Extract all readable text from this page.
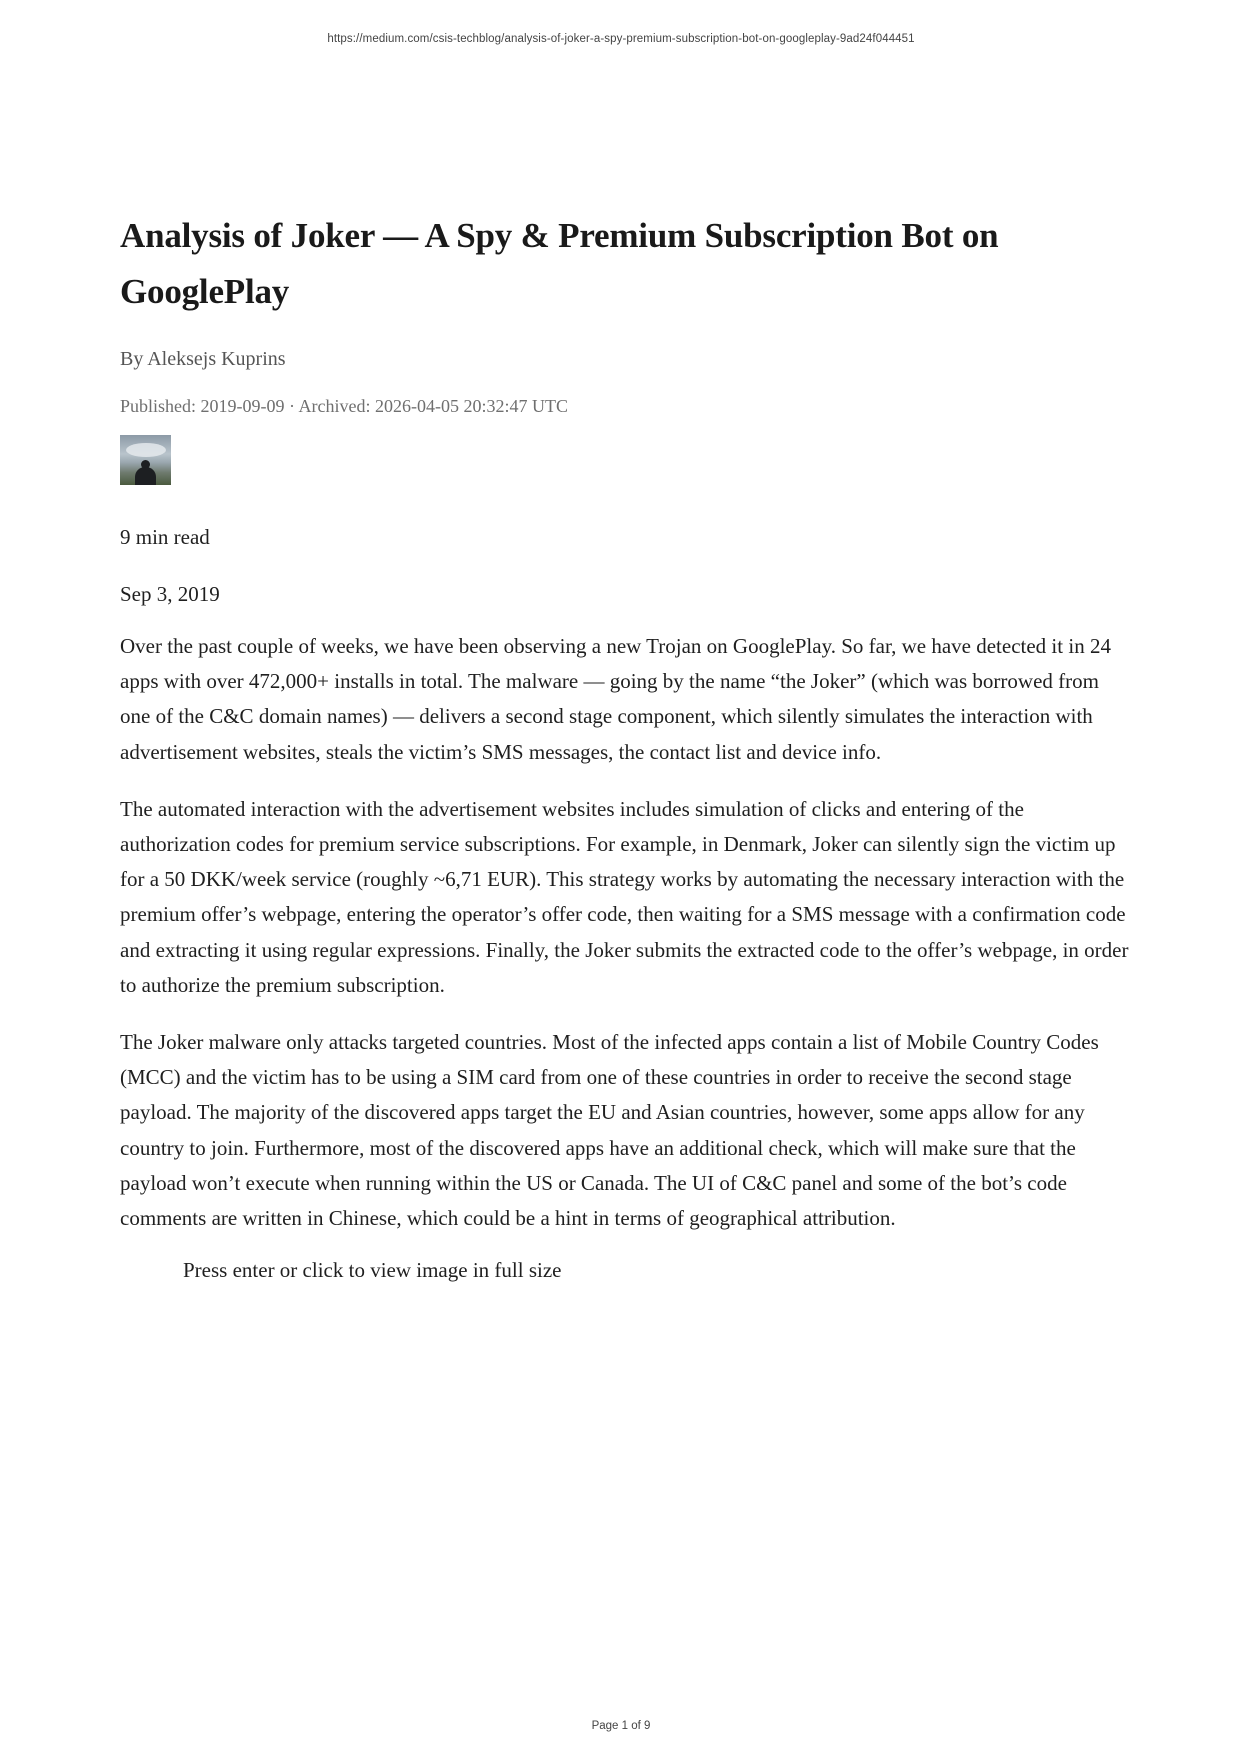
https://medium.com/csis-techblog/analysis-of-joker-a-spy-premium-subscription-bot-on-googleplay-9ad24f044451
Analysis of Joker — A Spy & Premium Subscription Bot on GooglePlay
By Aleksejs Kuprins
Published: 2019-09-09 · Archived: 2026-04-05 20:32:47 UTC
9 min read
Sep 3, 2019

Over the past couple of weeks, we have been observing a new Trojan on GooglePlay. So far, we have detected it in 24 apps with over 472,000+ installs in total. The malware — going by the name “the Joker” (which was borrowed from one of the C&C domain names) — delivers a second stage component, which silently simulates the interaction with advertisement websites, steals the victim’s SMS messages, the contact list and device info.

The automated interaction with the advertisement websites includes simulation of clicks and entering of the authorization codes for premium service subscriptions. For example, in Denmark, Joker can silently sign the victim up for a 50 DKK/week service (roughly ~6,71 EUR). This strategy works by automating the necessary interaction with the premium offer’s webpage, entering the operator’s offer code, then waiting for a SMS message with a confirmation code and extracting it using regular expressions. Finally, the Joker submits the extracted code to the offer’s webpage, in order to authorize the premium subscription.

The Joker malware only attacks targeted countries. Most of the infected apps contain a list of Mobile Country Codes (MCC) and the victim has to be using a SIM card from one of these countries in order to receive the second stage payload. The majority of the discovered apps target the EU and Asian countries, however, some apps allow for any country to join. Furthermore, most of the discovered apps have an additional check, which will make sure that the payload won’t execute when running within the US or Canada. The UI of C&C panel and some of the bot’s code comments are written in Chinese, which could be a hint in terms of geographical attribution.

Press enter or click to view image in full size
Page 1 of 9
